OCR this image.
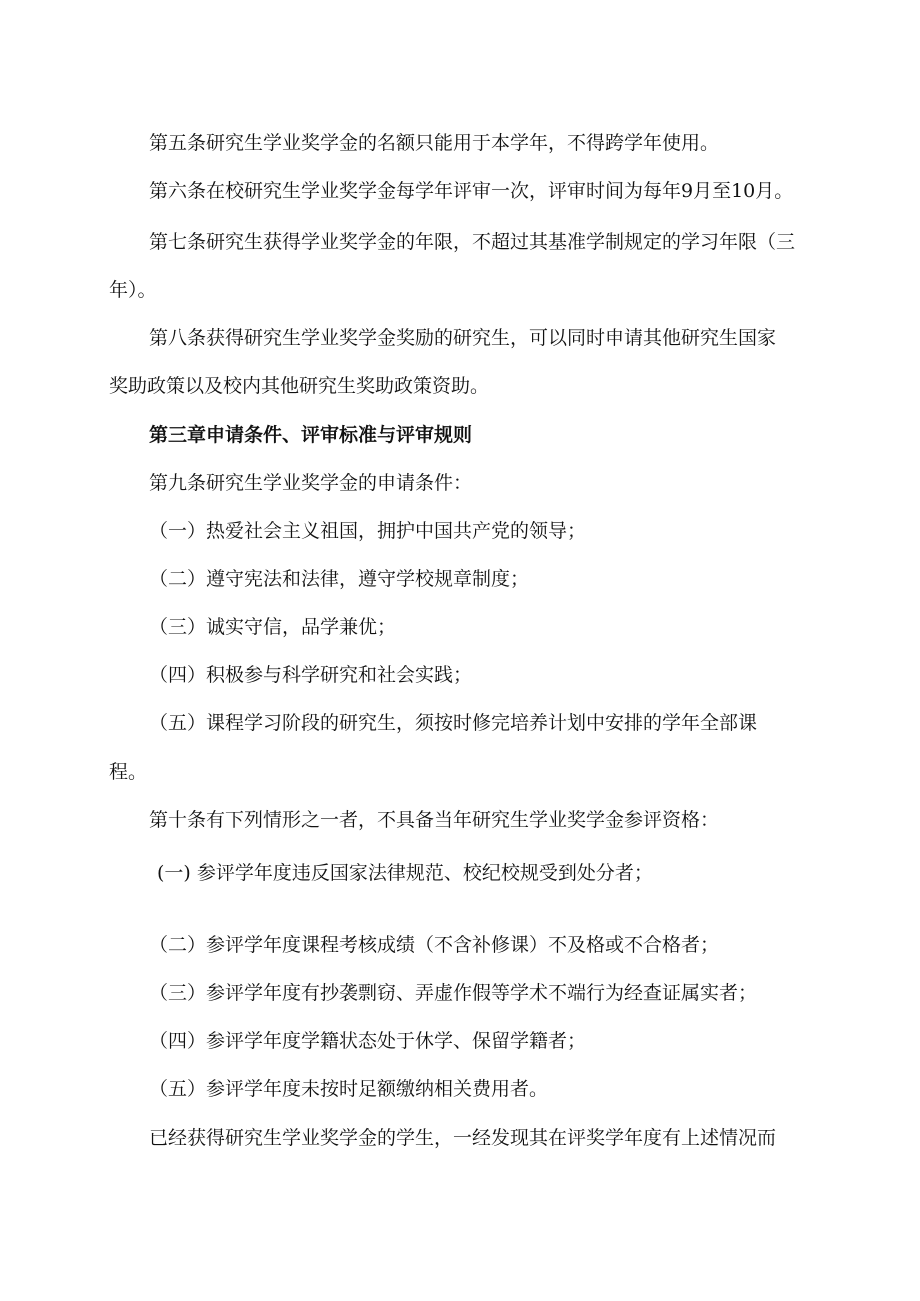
第五条研究生学业奖学金的名额只能用于本学年，不得跨学年使用。
第六条在校研究生学业奖学金每学年评审一次，评审时间为每年9月至10月。
第七条研究生获得学业奖学金的年限，不超过其基准学制规定的学习年限（三
年）。
第八条获得研究生学业奖学金奖励的研究生，可以同时申请其他研究生国家
奖助政策以及校内其他研究生奖助政策资助。
第三章申请条件、评审标准与评审规则
第九条研究生学业奖学金的申请条件：
（一）热爱社会主义祖国，拥护中国共产党的领导；
（二）遵守宪法和法律，遵守学校规章制度；
（三）诚实守信，品学兼优；
（四）积极参与科学研究和社会实践；
（五）课程学习阶段的研究生，须按时修完培养计划中安排的学年全部课
程。
第十条有下列情形之一者，不具备当年研究生学业奖学金参评资格：
(一) 参评学年度违反国家法律规范、校纪校规受到处分者；
（二）参评学年度课程考核成绩（不含补修课）不及格或不合格者；
（三）参评学年度有抄袭剽窃、弄虚作假等学术不端行为经查证属实者；
（四）参评学年度学籍状态处于休学、保留学籍者；
（五）参评学年度未按时足额缴纳相关费用者。
已经获得研究生学业奖学金的学生，一经发现其在评奖学年度有上述情况而
